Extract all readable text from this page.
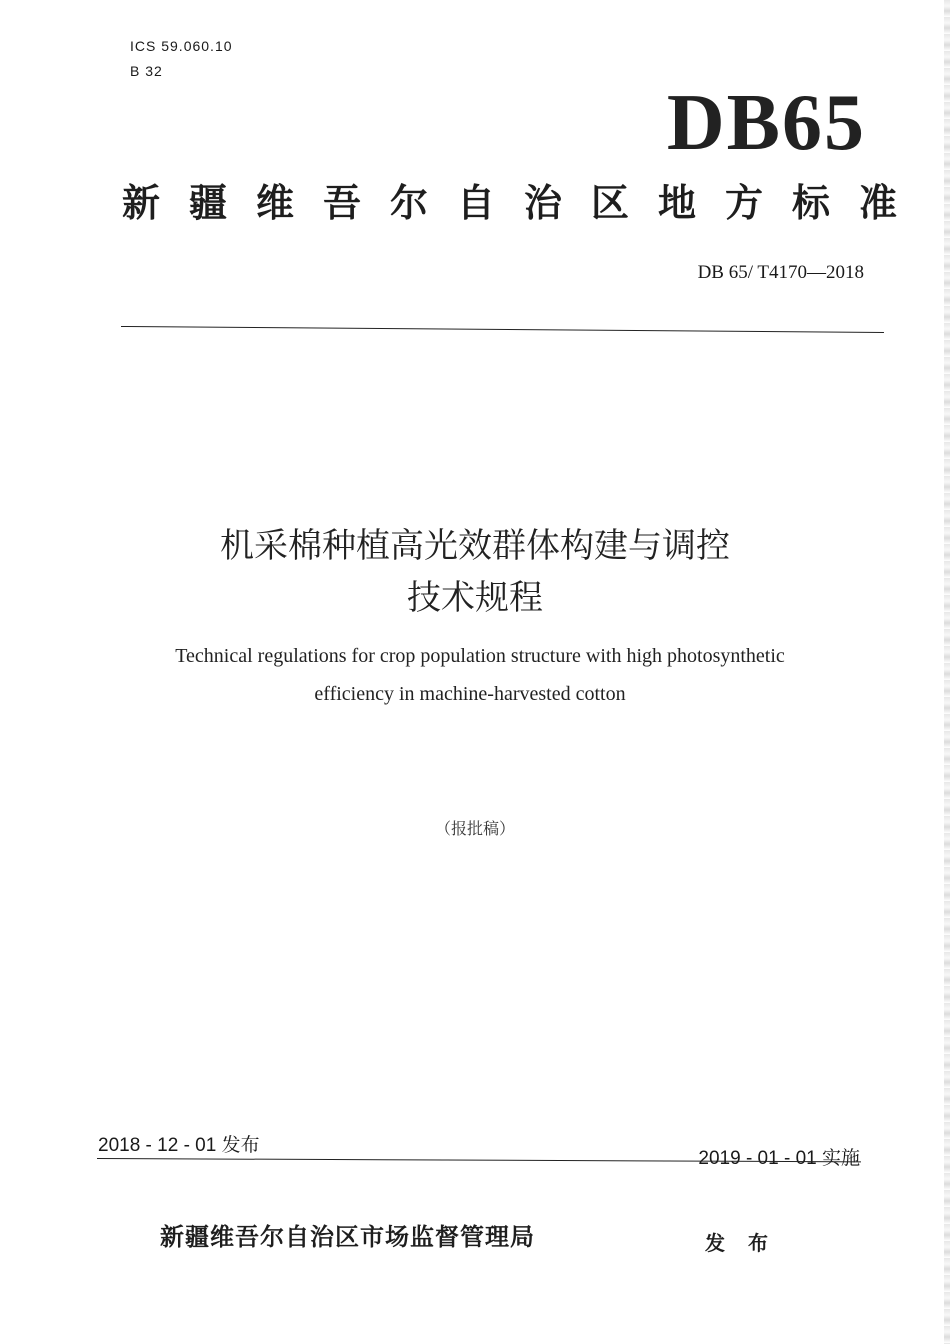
ICS 59.060.10
B 32
DB65
新疆维吾尔自治区地方标准
DB 65/ T4170—2018
机采棉种植高光效群体构建与调控
技术规程
Technical regulations for crop population structure with high photosynthetic
efficiency in machine-harvested cotton
（报批稿）
2018 - 12 - 01 发布
2019 - 01 - 01 实施
新疆维吾尔自治区市场监督管理局	发 布
